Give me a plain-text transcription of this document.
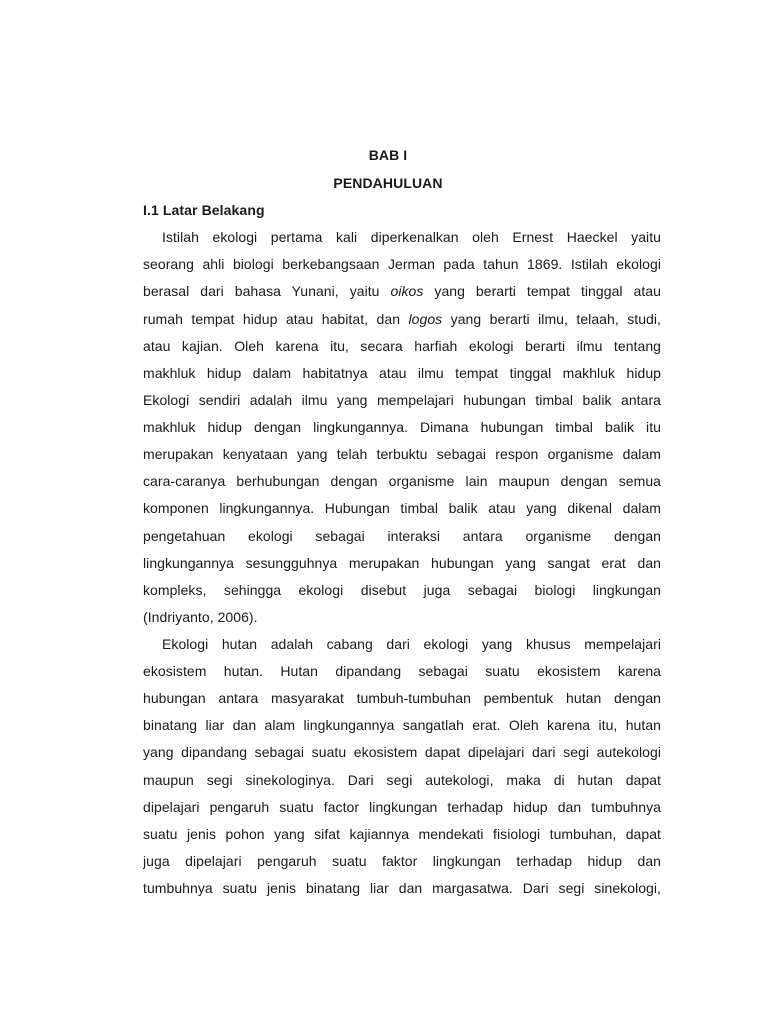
BAB I
PENDAHULUAN
I.1 Latar Belakang
Istilah ekologi pertama kali diperkenalkan oleh Ernest Haeckel yaitu
seorang ahli biologi berkebangsaan Jerman pada tahun 1869. Istilah ekologi
berasal dari bahasa Yunani, yaitu oikos yang berarti tempat tinggal atau
rumah tempat hidup atau habitat, dan logos yang berarti ilmu, telaah, studi,
atau kajian. Oleh karena itu, secara harfiah ekologi berarti ilmu tentang
makhluk hidup dalam habitatnya atau ilmu tempat tinggal makhluk hidup
Ekologi sendiri adalah ilmu yang mempelajari hubungan timbal balik antara
makhluk hidup dengan lingkungannya. Dimana hubungan timbal balik itu
merupakan kenyataan yang telah terbuktu sebagai respon organisme dalam
cara-caranya berhubungan dengan organisme lain maupun dengan semua
komponen lingkungannya. Hubungan timbal balik atau yang dikenal dalam
pengetahuan ekologi sebagai interaksi antara organisme dengan
lingkungannya sesungguhnya merupakan hubungan yang sangat erat dan
kompleks, sehingga ekologi disebut juga sebagai biologi lingkungan
(Indriyanto, 2006).
Ekologi hutan adalah cabang dari ekologi yang khusus mempelajari
ekosistem hutan. Hutan dipandang sebagai suatu ekosistem karena
hubungan antara masyarakat tumbuh-tumbuhan pembentuk hutan dengan
binatang liar dan alam lingkungannya sangatlah erat. Oleh karena itu, hutan
yang dipandang sebagai suatu ekosistem dapat dipelajari dari segi autekologi
maupun segi sinekologinya. Dari segi autekologi, maka di hutan dapat
dipelajari pengaruh suatu factor lingkungan terhadap hidup dan tumbuhnya
suatu jenis pohon yang sifat kajiannya mendekati fisiologi tumbuhan, dapat
juga dipelajari pengaruh suatu faktor lingkungan terhadap hidup dan
tumbuhnya suatu jenis binatang liar dan margasatwa. Dari segi sinekologi,
